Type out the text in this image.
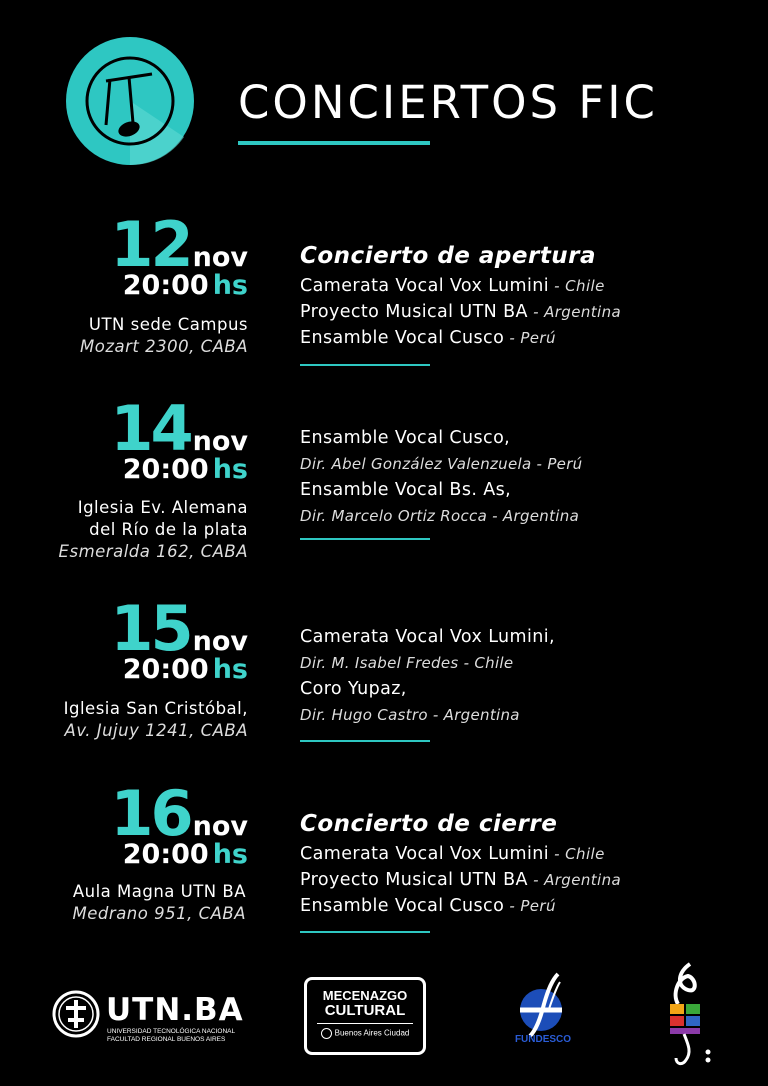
CONCIERTOS FIC
12nov
20:00 hs
UTN sede Campus
Mozart 2300, CABA
Concierto de apertura
Camerata Vocal Vox Lumini - Chile
Proyecto Musical UTN BA - Argentina
Ensamble Vocal Cusco - Perú
14nov
20:00 hs
Iglesia Ev. Alemana
del Río de la plata
Esmeralda 162, CABA
Ensamble Vocal Cusco,
Dir. Abel González Valenzuela - Perú
Ensamble Vocal Bs. As,
Dir. Marcelo Ortiz Rocca - Argentina
15nov
20:00 hs
Iglesia San Cristóbal,
Av. Jujuy 1241, CABA
Camerata Vocal Vox Lumini,
Dir. M. Isabel Fredes - Chile
Coro Yupaz,
Dir. Hugo Castro - Argentina
16nov
20:00 hs
Aula Magna UTN BA
Medrano 951, CABA
Concierto de cierre
Camerata Vocal Vox Lumini - Chile
Proyecto Musical UTN BA - Argentina
Ensamble Vocal Cusco - Perú
UTN.BA
UNIVERSIDAD TECNOLÓGICA NACIONAL
FACULTAD REGIONAL BUENOS AIRES
MECENAZGO
CULTURAL
Buenos Aires Ciudad
FUNDESCO
